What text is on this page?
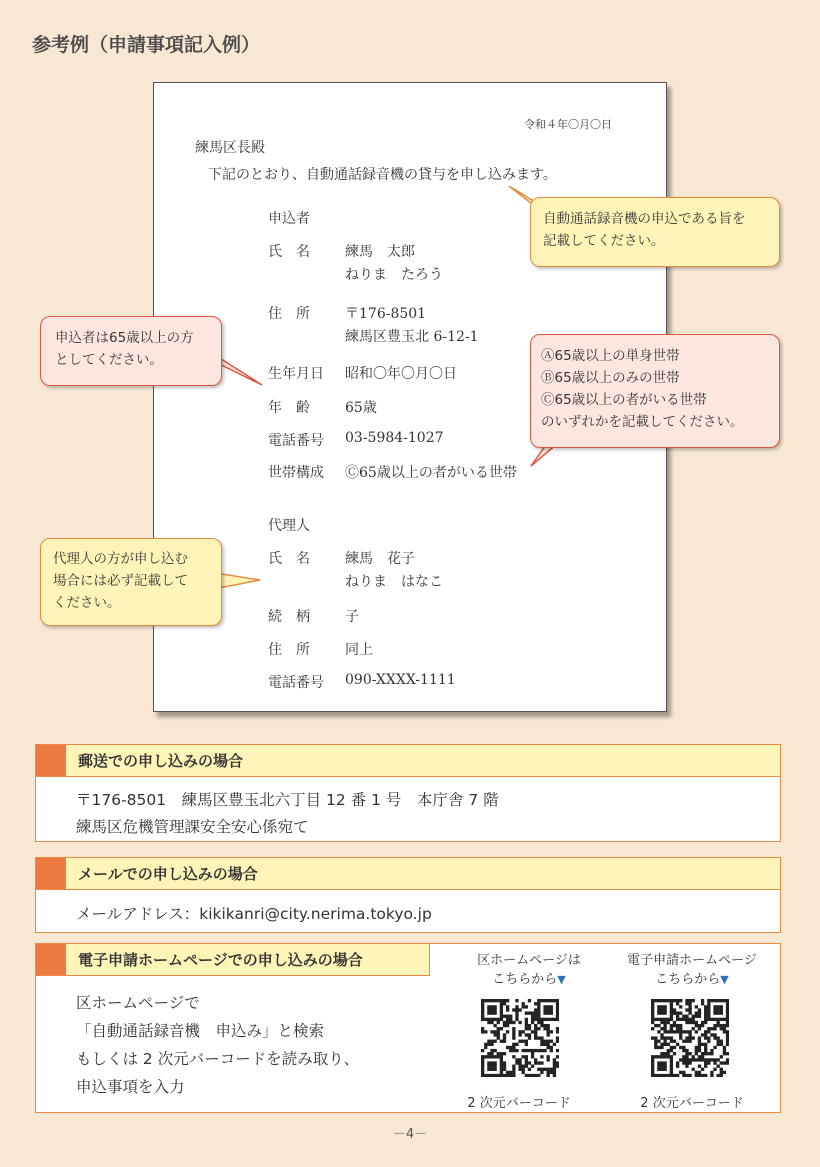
参考例（申請事項記入例）
令和４年〇月〇日
練馬区長殿
下記のとおり、自動通話録音機の貸与を申し込みます。
申込者
氏　名	練馬　太郎
ねりま　たろう
住　所	〒176-8501
練馬区豊玉北 6-12-1
生年月日 昭和〇年〇月〇日
年　齢	65歳
電話番号 03-5984-1027
世帯構成 Ⓒ65歳以上の者がいる世帯
代理人
氏　名	練馬　花子
ねりま　はなこ
続　柄	子
住　所	同上
電話番号 090-XXXX-1111
自動通話録音機の申込である旨を
記載してください。
申込者は65歳以上の方
としてください。	Ⓐ65歳以上の単身世帯
Ⓑ65歳以上のみの世帯
Ⓒ65歳以上の者がいる世帯
のいずれかを記載してください。
代理人の方が申し込む
場合には必ず記載して
ください。
郵送での申し込みの場合
〒176-8501　練馬区豊玉北六丁目 12 番 1 号　本庁舎 7 階
練馬区危機管理課安全安心係宛て
メールでの申し込みの場合
メールアドレス：kikikanri@city.nerima.tokyo.jp
電子申請ホームページでの申し込みの場合
区ホームページで
「自動通話録音機　申込み」と検索
もしくは 2 次元バーコードを読み取り、
申込事項を入力
区ホームページは
こちらから▼
2 次元バーコード
電子申請ホームページ
こちらから▼
2 次元バーコード
－4－
